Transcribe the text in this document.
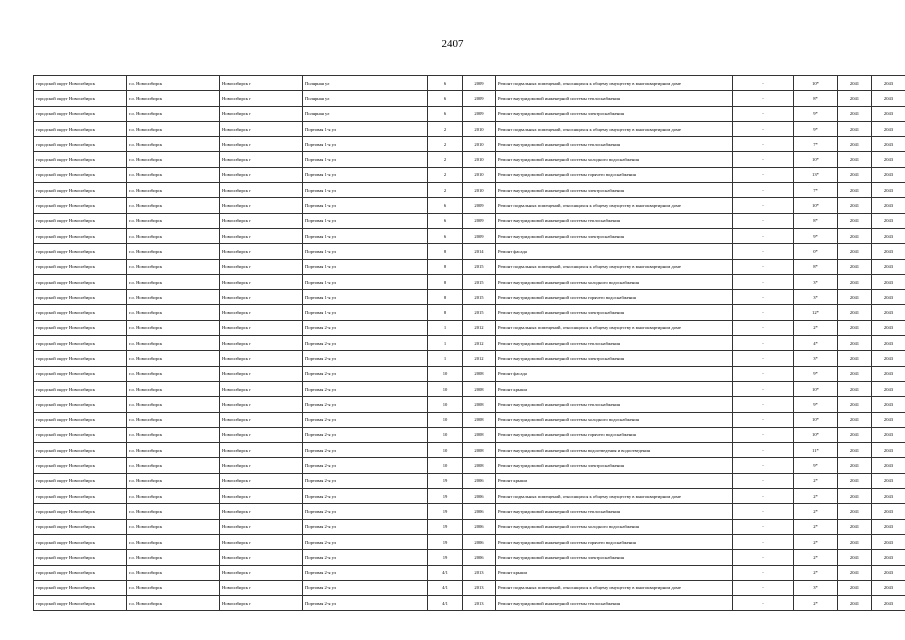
2407
городской округ Новосибирск	г.о. Новосибирск	Новосибирск г	Полярная ул	6	2009	Ремонт подвальных помещений, относящихся к общему имуществу в многоквартирном доме	-	10*	2041	2043
городской округ Новосибирск	г.о. Новосибирск	Новосибирск г	Полярная ул	6	2009	Ремонт внутридомовой инженерной системы теплоснабжения	-	8*	2041	2043
городской округ Новосибирск	г.о. Новосибирск	Новосибирск г	Полярная ул	6	2009	Ремонт внутридомовой инженерной системы электроснабжения	-	9*	2041	2043
городской округ Новосибирск	г.о. Новосибирск	Новосибирск г	Портовая 1-я ул	2	2010	Ремонт подвальных помещений, относящихся к общему имуществу в многоквартирном доме	-	9*	2041	2043
городской округ Новосибирск	г.о. Новосибирск	Новосибирск г	Портовая 1-я ул	2	2010	Ремонт внутридомовой инженерной системы теплоснабжения	-	7*	2041	2043
городской округ Новосибирск	г.о. Новосибирск	Новосибирск г	Портовая 1-я ул	2	2010	Ремонт внутридомовой инженерной системы холодного водоснабжения	-	10*	2041	2043
городской округ Новосибирск	г.о. Новосибирск	Новосибирск г	Портовая 1-я ул	2	2010	Ремонт внутридомовой инженерной системы горячего водоснабжения	-	13*	2041	2043
городской округ Новосибирск	г.о. Новосибирск	Новосибирск г	Портовая 1-я ул	2	2010	Ремонт внутридомовой инженерной системы электроснабжения	-	7*	2041	2043
городской округ Новосибирск	г.о. Новосибирск	Новосибирск г	Портовая 1-я ул	6	2009	Ремонт подвальных помещений, относящихся к общему имуществу в многоквартирном доме	-	10*	2041	2043
городской округ Новосибирск	г.о. Новосибирск	Новосибирск г	Портовая 1-я ул	6	2009	Ремонт внутридомовой инженерной системы теплоснабжения	-	8*	2041	2043
городской округ Новосибирск	г.о. Новосибирск	Новосибирск г	Портовая 1-я ул	6	2009	Ремонт внутридомовой инженерной системы электроснабжения	-	9*	2041	2043
городской округ Новосибирск	г.о. Новосибирск	Новосибирск г	Портовая 1-я ул	8	2014	Ремонт фасада	-	0*	2041	2043
городской округ Новосибирск	г.о. Новосибирск	Новосибирск г	Портовая 1-я ул	8	2015	Ремонт подвальных помещений, относящихся к общему имуществу в многоквартирном доме	-	8*	2041	2043
городской округ Новосибирск	г.о. Новосибирск	Новосибирск г	Портовая 1-я ул	8	2015	Ремонт внутридомовой инженерной системы холодного водоснабжения	-	3*	2041	2043
городской округ Новосибирск	г.о. Новосибирск	Новосибирск г	Портовая 1-я ул	8	2015	Ремонт внутридомовой инженерной системы горячего водоснабжения	-	3*	2041	2043
городской округ Новосибирск	г.о. Новосибирск	Новосибирск г	Портовая 1-я ул	8	2015	Ремонт внутридомовой инженерной системы электроснабжения	-	12*	2041	2043
городской округ Новосибирск	г.о. Новосибирск	Новосибирск г	Портовая 2-я ул	1	2012	Ремонт подвальных помещений, относящихся к общему имуществу в многоквартирном доме	-	2*	2041	2043
городской округ Новосибирск	г.о. Новосибирск	Новосибирск г	Портовая 2-я ул	1	2012	Ремонт внутридомовой инженерной системы теплоснабжения	-	4*	2041	2043
городской округ Новосибирск	г.о. Новосибирск	Новосибирск г	Портовая 2-я ул	1	2012	Ремонт внутридомовой инженерной системы электроснабжения	-	3*	2041	2043
городской округ Новосибирск	г.о. Новосибирск	Новосибирск г	Портовая 2-я ул	10	2008	Ремонт фасада	-	9*	2041	2043
городской округ Новосибирск	г.о. Новосибирск	Новосибирск г	Портовая 2-я ул	10	2008	Ремонт крыши	-	10*	2041	2043
городской округ Новосибирск	г.о. Новосибирск	Новосибирск г	Портовая 2-я ул	10	2008	Ремонт внутридомовой инженерной системы теплоснабжения	-	9*	2041	2043
городской округ Новосибирск	г.о. Новосибирск	Новосибирск г	Портовая 2-я ул	10	2008	Ремонт внутридомовой инженерной системы холодного водоснабжения	-	10*	2041	2043
городской округ Новосибирск	г.о. Новосибирск	Новосибирск г	Портовая 2-я ул	10	2008	Ремонт внутридомовой инженерной системы горячего водоснабжения	-	10*	2041	2043
городской округ Новосибирск	г.о. Новосибирск	Новосибирск г	Портовая 2-я ул	10	2008	Ремонт внутридомовой инженерной системы водоотведения и водоотведения	-	11*	2041	2043
городской округ Новосибирск	г.о. Новосибирск	Новосибирск г	Портовая 2-я ул	10	2008	Ремонт внутридомовой инженерной системы электроснабжения	-	9*	2041	2043
городской округ Новосибирск	г.о. Новосибирск	Новосибирск г	Портовая 2-я ул	19	2006	Ремонт крыши	-	2*	2041	2043
городской округ Новосибирск	г.о. Новосибирск	Новосибирск г	Портовая 2-я ул	19	2006	Ремонт подвальных помещений, относящихся к общему имуществу в многоквартирном доме	-	2*	2041	2043
городской округ Новосибирск	г.о. Новосибирск	Новосибирск г	Портовая 2-я ул	19	2006	Ремонт внутридомовой инженерной системы теплоснабжения	-	2*	2041	2043
городской округ Новосибирск	г.о. Новосибирск	Новосибирск г	Портовая 2-я ул	19	2006	Ремонт внутридомовой инженерной системы холодного водоснабжения	-	2*	2041	2043
городской округ Новосибирск	г.о. Новосибирск	Новосибирск г	Портовая 2-я ул	19	2006	Ремонт внутридомовой инженерной системы горячего водоснабжения	-	2*	2041	2043
городской округ Новосибирск	г.о. Новосибирск	Новосибирск г	Портовая 2-я ул	19	2006	Ремонт внутридомовой инженерной системы электроснабжения	-	2*	2041	2043
городской округ Новосибирск	г.о. Новосибирск	Новосибирск г	Портовая 2-я ул	4/1	2013	Ремонт крыши	-	2*	2041	2043
городской округ Новосибирск	г.о. Новосибирск	Новосибирск г	Портовая 2-я ул	4/1	2013	Ремонт подвальных помещений, относящихся к общему имуществу в многоквартирном доме	-	3*	2041	2043
городской округ Новосибирск	г.о. Новосибирск	Новосибирск г	Портовая 2-я ул	4/1	2013	Ремонт внутридомовой инженерной системы теплоснабжения	-	2*	2041	2043
